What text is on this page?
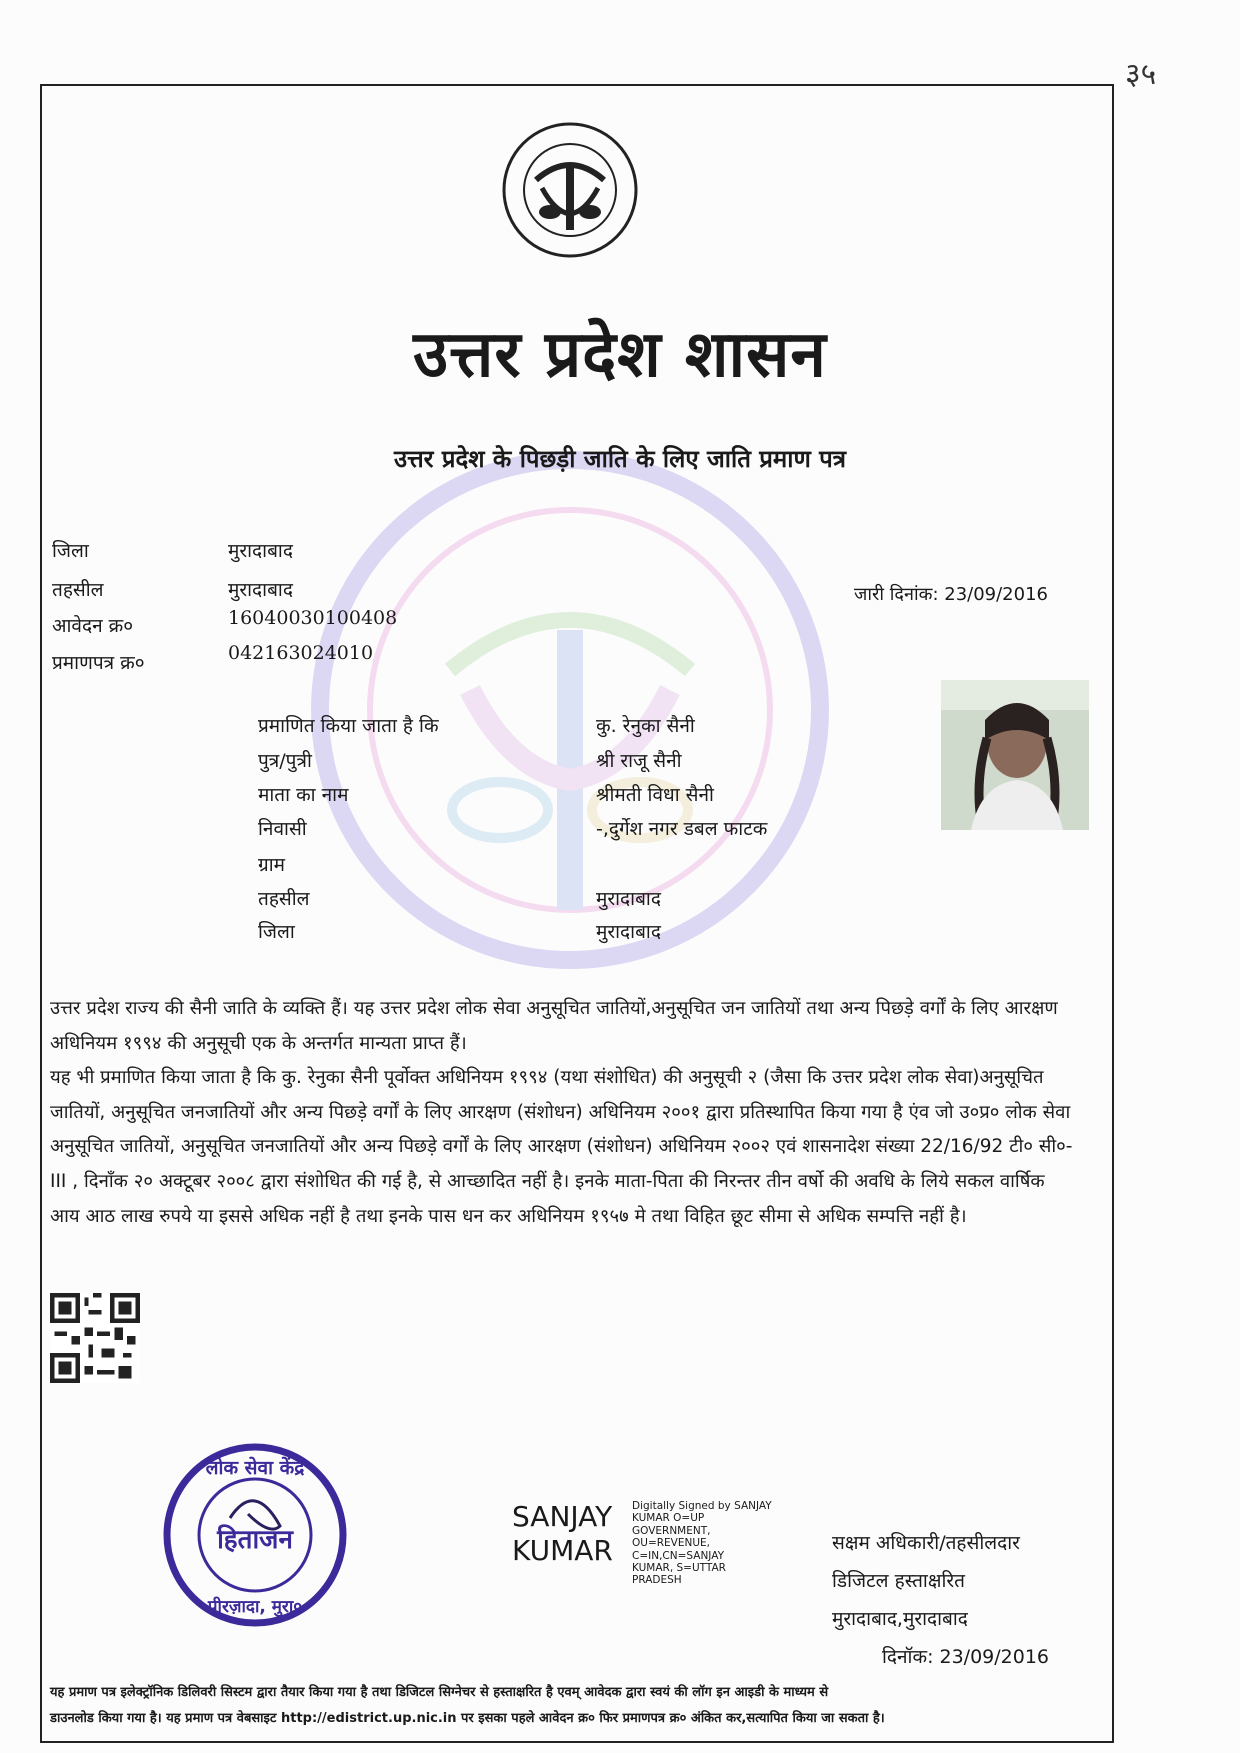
३५
उत्तर प्रदेश शासन
उत्तर प्रदेश के पिछड़ी जाति के लिए जाति प्रमाण पत्र
जिला	मुरादाबाद
तहसील	मुरादाबाद
आवेदन क्र०	16040030100408
प्रमाणपत्र क्र०	042163024010
जारी दिनांक: 23/09/2016
प्रमाणित किया जाता है कि	कु. रेनुका सैनी
पुत्र/पुत्री	श्री राजू सैनी
माता का नाम	श्रीमती विधा सैनी
निवासी	-,दुर्गेश नगर डबल फाटक
ग्राम
तहसील	मुरादाबाद
जिला	मुरादाबाद

उत्तर प्रदेश राज्य की सैनी जाति के व्यक्ति हैं। यह उत्तर प्रदेश लोक सेवा अनुसूचित जातियों,अनुसूचित जन जातियों तथा अन्य पिछड़े वर्गों के लिए आरक्षण अधिनियम १९९४ की अनुसूची एक के अन्तर्गत मान्यता प्राप्त हैं।

यह भी प्रमाणित किया जाता है कि कु. रेनुका सैनी पूर्वोक्त अधिनियम १९९४ (यथा संशोधित) की अनुसूची २ (जैसा कि उत्तर प्रदेश लोक सेवा)अनुसूचित जातियों, अनुसूचित जनजातियों और अन्य पिछड़े वर्गों के लिए आरक्षण (संशोधन) अधिनियम २००१ द्वारा प्रतिस्थापित किया गया है एंव जो उ०प्र० लोक सेवा अनुसूचित जातियों, अनुसूचित जनजातियों और अन्य पिछड़े वर्गों के लिए आरक्षण (संशोधन) अधिनियम २००२ एवं शासनादेश संख्या 22/16/92 टी० सी०-III , दिनाँक २० अक्टूबर २००८ द्वारा संशोधित की गई है, से आच्छादित नहीं है। इनके माता-पिता की निरन्तर तीन वर्षो की अवधि के लिये सकल वार्षिक आय आठ लाख रुपये या इससे अधिक नहीं है तथा इनके पास धन कर अधिनियम १९५७ मे तथा विहित छूट सीमा से अधिक सम्पत्ति नहीं है।

लोक सेवा केंद्र
हिताजन
पीरज़ादा, मुरा०
SANJAY
KUMAR
Digitally Signed by SANJAY
KUMAR O=UP
GOVERNMENT,
OU=REVENUE,
C=IN,CN=SANJAY
KUMAR, S=UTTAR
PRADESH
सक्षम अधिकारी/तहसीलदार
डिजिटल हस्ताक्षरित
मुरादाबाद,मुरादाबाद
दिनॉक: 23/09/2016

यह प्रमाण पत्र इलेक्ट्रॉनिक डिलिवरी सिस्टम द्वारा तैयार किया गया है तथा डिजिटल सिग्नेचर से हस्ताक्षरित है एवम् आवेदक द्वारा स्वयं की लॉग इन आइडी के माध्यम से

डाउनलोड किया गया है। यह प्रमाण पत्र वेबसाइट http://edistrict.up.nic.in पर इसका पहले आवेदन क्र० फिर प्रमाणपत्र क्र० अंकित कर,सत्यापित किया जा सकता है।
